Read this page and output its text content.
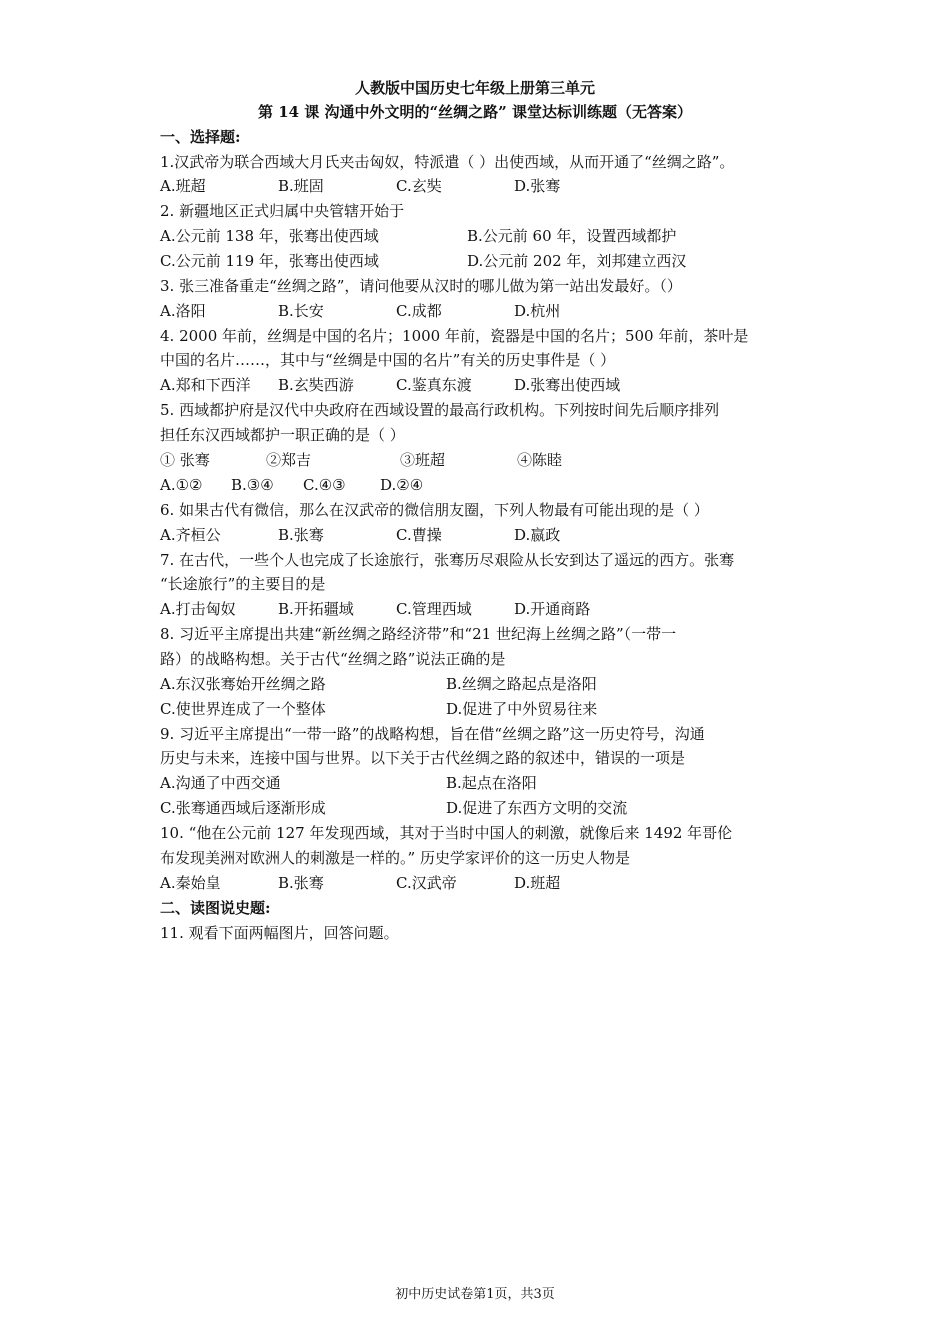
人教版中国历史七年级上册第三单元
第 14 课 沟通中外文明的“丝绸之路” 课堂达标训练题（无答案）
一、选择题:
1.汉武帝为联合西域大月氏夹击匈奴，特派遣（ ）出使西域，从而开通了“丝绸之路”。
A.班超	B.班固	C.玄奘	D.张骞
2. 新疆地区正式归属中央管辖开始于
A.公元前 138 年，张骞出使西域	B.公元前 60 年，设置西域都护
C.公元前 119 年，张骞出使西域	D.公元前 202 年，刘邦建立西汉
3. 张三准备重走“丝绸之路”，请问他要从汉时的哪儿做为第一站出发最好。（）
A.洛阳	B.长安	C.成都	D.杭州
4. 2000 年前，丝绸是中国的名片；1000 年前，瓷器是中国的名片；500 年前，茶叶是
中国的名片……，其中与“丝绸是中国的名片”有关的历史事件是（ ）
A.郑和下西洋 B.玄奘西游	C.鉴真东渡	D.张骞出使西域
5. 西域都护府是汉代中央政府在西域设置的最高行政机构。下列按时间先后顺序排列
担任东汉西域都护一职正确的是（ ）
① 张骞	②郑吉	③班超	④陈睦
A.①② B.③④ C.④③ D.②④
6. 如果古代有微信，那么在汉武帝的微信朋友圈，下列人物最有可能出现的是（ ）
A.齐桓公	B.张骞	C.曹操	D.嬴政
7. 在古代，一些个人也完成了长途旅行，张骞历尽艰险从长安到达了遥远的西方。张骞
“长途旅行”的主要目的是
A.打击匈奴	B.开拓疆域	C.管理西域	D.开通商路
8. 习近平主席提出共建“新丝绸之路经济带”和“21 世纪海上丝绸之路”（一带一
路）的战略构想。关于古代“丝绸之路”说法正确的是
A.东汉张骞始开丝绸之路	B.丝绸之路起点是洛阳
C.使世界连成了一个整体	D.促进了中外贸易往来
9. 习近平主席提出“一带一路”的战略构想，旨在借“丝绸之路”这一历史符号，沟通
历史与未来，连接中国与世界。以下关于古代丝绸之路的叙述中，错误的一项是
A.沟通了中西交通	B.起点在洛阳
C.张骞通西域后逐渐形成	D.促进了东西方文明的交流
10. “他在公元前 127 年发现西域，其对于当时中国人的刺激，就像后来 1492 年哥伦
布发现美洲对欧洲人的刺激是一样的。” 历史学家评价的这一历史人物是
A.秦始皇	B.张骞	C.汉武帝	D.班超
二、读图说史题:
11. 观看下面两幅图片，回答问题。
初中历史试卷第1页，共3页
